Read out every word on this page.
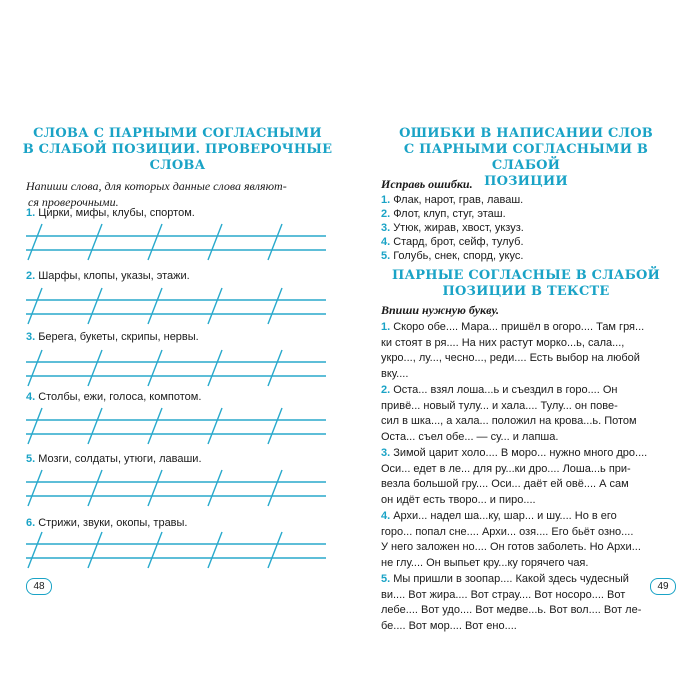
СЛОВА С ПАРНЫМИ СОГЛАСНЫМИ
В СЛАБОЙ ПОЗИЦИИ. ПРОВЕРОЧНЫЕ
СЛОВА
Напиши слова, для которых данные слова являют-
ся проверочными.
1. Цирки, мифы, клубы, спортом.
2. Шарфы, клопы, указы, этажи.
3. Берега, букеты, скрипы, нервы.
4. Столбы, ежи, голоса, компотом.
5. Мозги, солдаты, утюги, лаваши.
6. Стрижи, звуки, окопы, травы.
48
ОШИБКИ В НАПИСАНИИ СЛОВ
С ПАРНЫМИ СОГЛАСНЫМИ В СЛАБОЙ
ПОЗИЦИИ
Исправь ошибки.
1. Флак, нарот, грав, лаваш.
2. Флот, клуп, стуг, эташ.
3. Утюк, жирав, хвост, укзуз.
4. Стард, брот, сейф, тулуб.
5. Голубь, снек, спорд, укус.
ПАРНЫЕ СОГЛАСНЫЕ В СЛАБОЙ
ПОЗИЦИИ В ТЕКСТЕ
Впиши нужную букву.
1. Скоро обе.... Мара... пришёл в огоро.... Там гря...
ки стоят в ря.... На них растут морко...ь, сала...,
укро..., лу..., чесно..., реди.... Есть выбор на любой
вку....
2. Оста... взял лоша...ь и съездил в горо.... Он
привё... новый тулу... и хала.... Тулу... он пове-
сил в шка..., а хала... положил на крова...ь. Потом
Оста... съел обе... — су... и лапша.
3. Зимой царит холо.... В моро... нужно много дро....
Оси... едет в ле... для ру...ки дро.... Лоша...ь при-
везла большой гру.... Оси... даёт ей овё.... А сам
он идёт есть творо... и пиро....
4. Архи... надел ша...ку, шар... и шу.... Но в его
горо... попал сне.... Архи... озя.... Его бьёт озно....
У него заложен но.... Он готов заболеть. Но Архи...
не глу.... Он выпьет кру...ку горячего чая.
5. Мы пришли в зоопар.... Какой здесь чудесный
ви.... Вот жира.... Вот страу.... Вот носоро.... Вот
лебе.... Вот удо.... Вот медве...ь. Вот вол.... Вот ле-
бе.... Вот мор.... Вот ено....
49
